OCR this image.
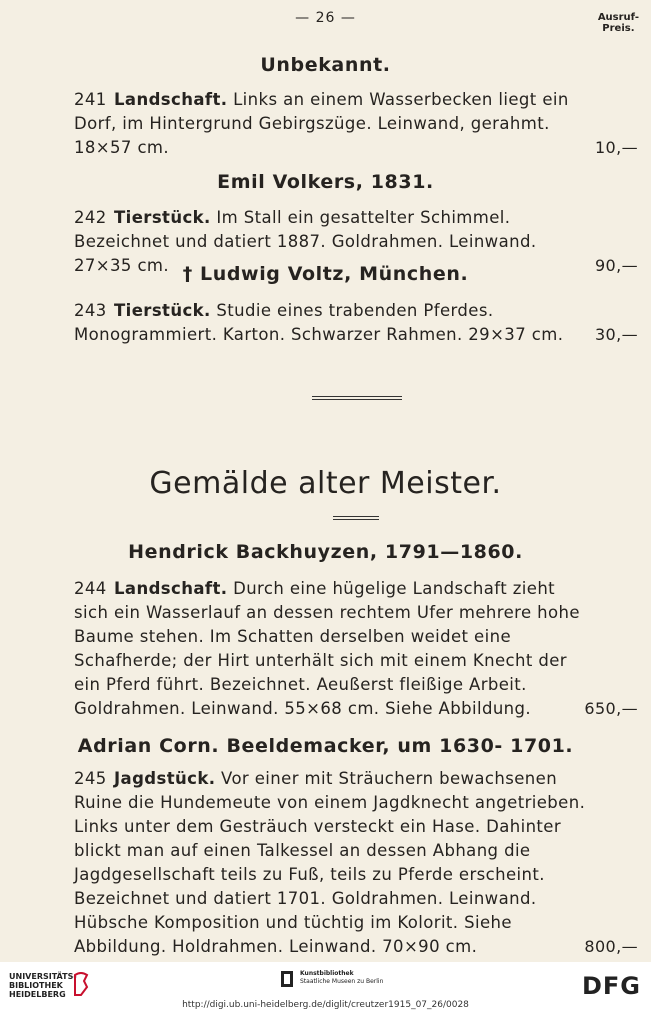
— 26 —	Ausruf-
Preis.
Unbekannt.
241 Landschaft. Links an einem Wasserbecken liegt ein Dorf, im Hintergrund Gebirgszüge. Leinwand, gerahmt. 18×57 cm.	10,—
Emil Volkers, 1831.
242 Tierstück. Im Stall ein gesattelter Schimmel. Bezeichnet und datiert 1887. Goldrahmen. Leinwand. 27×35 cm.	90,—
† Ludwig Voltz, München.
243 Tierstück. Studie eines trabenden Pferdes. Monogrammiert. Karton. Schwarzer Rahmen. 29×37 cm. 30,—
Gemälde alter Meister.
Hendrick Backhuyzen, 1791—1860.
244 Landschaft. Durch eine hügelige Landschaft zieht sich ein Wasserlauf an dessen rechtem Ufer mehrere hohe Baume stehen. Im Schatten derselben weidet eine Schafherde; der Hirt unterhält sich mit einem Knecht der ein Pferd führt. Bezeichnet. Aeußerst fleißige Arbeit. Goldrahmen. Leinwand. 55×68 cm. Siehe Abbildung.	650,—
Adrian Corn. Beeldemacker, um 1630- 1701.
245 Jagdstück. Vor einer mit Sträuchern bewachsenen Ruine die Hundemeute von einem Jagdknecht angetrieben. Links unter dem Gesträuch versteckt ein Hase. Dahinter blickt man auf einen Talkessel an dessen Abhang die Jagdgesellschaft teils zu Fuß, teils zu Pferde erscheint. Bezeichnet und datiert 1701. Goldrahmen. Leinwand. Hübsche Komposition und tüchtig im Kolorit. Siehe Abbildung. Holdrahmen. Leinwand. 70×90 cm.	800,—
UNIVERSITÄTS-
BIBLIOTHEK
HEIDELBERG
Kunstbibliothek
Staatliche Museen zu Berlin	DFG
http://digi.ub.uni-heidelberg.de/diglit/creutzer1915_07_26/0028
